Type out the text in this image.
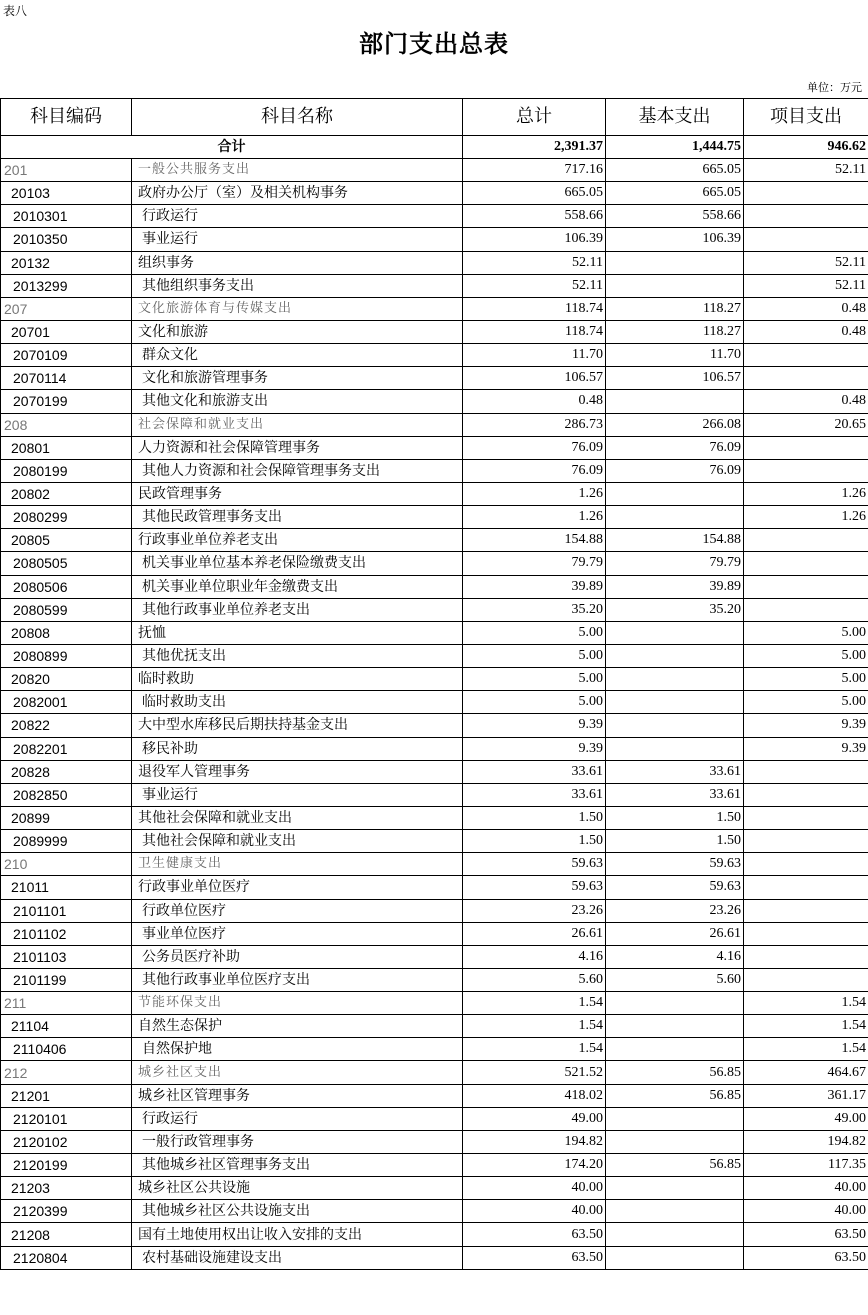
表八
部门支出总表
单位：万元
科目编码	科目名称	总计	基本支出	项目支出
合计		2,391.37	1,444.75	946.62
201	一般公共服务支出	717.16	665.05	52.11
20103	政府办公厅（室）及相关机构事务	665.05	665.05	
2010301	行政运行	558.66	558.66	
2010350	事业运行	106.39	106.39	
20132	组织事务	52.11		52.11
2013299	其他组织事务支出	52.11		52.11
207	文化旅游体育与传媒支出	118.74	118.27	0.48
20701	文化和旅游	118.74	118.27	0.48
2070109	群众文化	11.70	11.70	
2070114	文化和旅游管理事务	106.57	106.57	
2070199	其他文化和旅游支出	0.48		0.48
208	社会保障和就业支出	286.73	266.08	20.65
20801	人力资源和社会保障管理事务	76.09	76.09	
2080199	其他人力资源和社会保障管理事务支出	76.09	76.09	
20802	民政管理事务	1.26		1.26
2080299	其他民政管理事务支出	1.26		1.26
20805	行政事业单位养老支出	154.88	154.88	
2080505	机关事业单位基本养老保险缴费支出	79.79	79.79	
2080506	机关事业单位职业年金缴费支出	39.89	39.89	
2080599	其他行政事业单位养老支出	35.20	35.20	
20808	抚恤	5.00		5.00
2080899	其他优抚支出	5.00		5.00
20820	临时救助	5.00		5.00
2082001	临时救助支出	5.00		5.00
20822	大中型水库移民后期扶持基金支出	9.39		9.39
2082201	移民补助	9.39		9.39
20828	退役军人管理事务	33.61	33.61	
2082850	事业运行	33.61	33.61	
20899	其他社会保障和就业支出	1.50	1.50	
2089999	其他社会保障和就业支出	1.50	1.50	
210	卫生健康支出	59.63	59.63	
21011	行政事业单位医疗	59.63	59.63	
2101101	行政单位医疗	23.26	23.26	
2101102	事业单位医疗	26.61	26.61	
2101103	公务员医疗补助	4.16	4.16	
2101199	其他行政事业单位医疗支出	5.60	5.60	
211	节能环保支出	1.54		1.54
21104	自然生态保护	1.54		1.54
2110406	自然保护地	1.54		1.54
212	城乡社区支出	521.52	56.85	464.67
21201	城乡社区管理事务	418.02	56.85	361.17
2120101	行政运行	49.00		49.00
2120102	一般行政管理事务	194.82		194.82
2120199	其他城乡社区管理事务支出	174.20	56.85	117.35
21203	城乡社区公共设施	40.00		40.00
2120399	其他城乡社区公共设施支出	40.00		40.00
21208	国有土地使用权出让收入安排的支出	63.50		63.50
2120804	农村基础设施建设支出	63.50		63.50
